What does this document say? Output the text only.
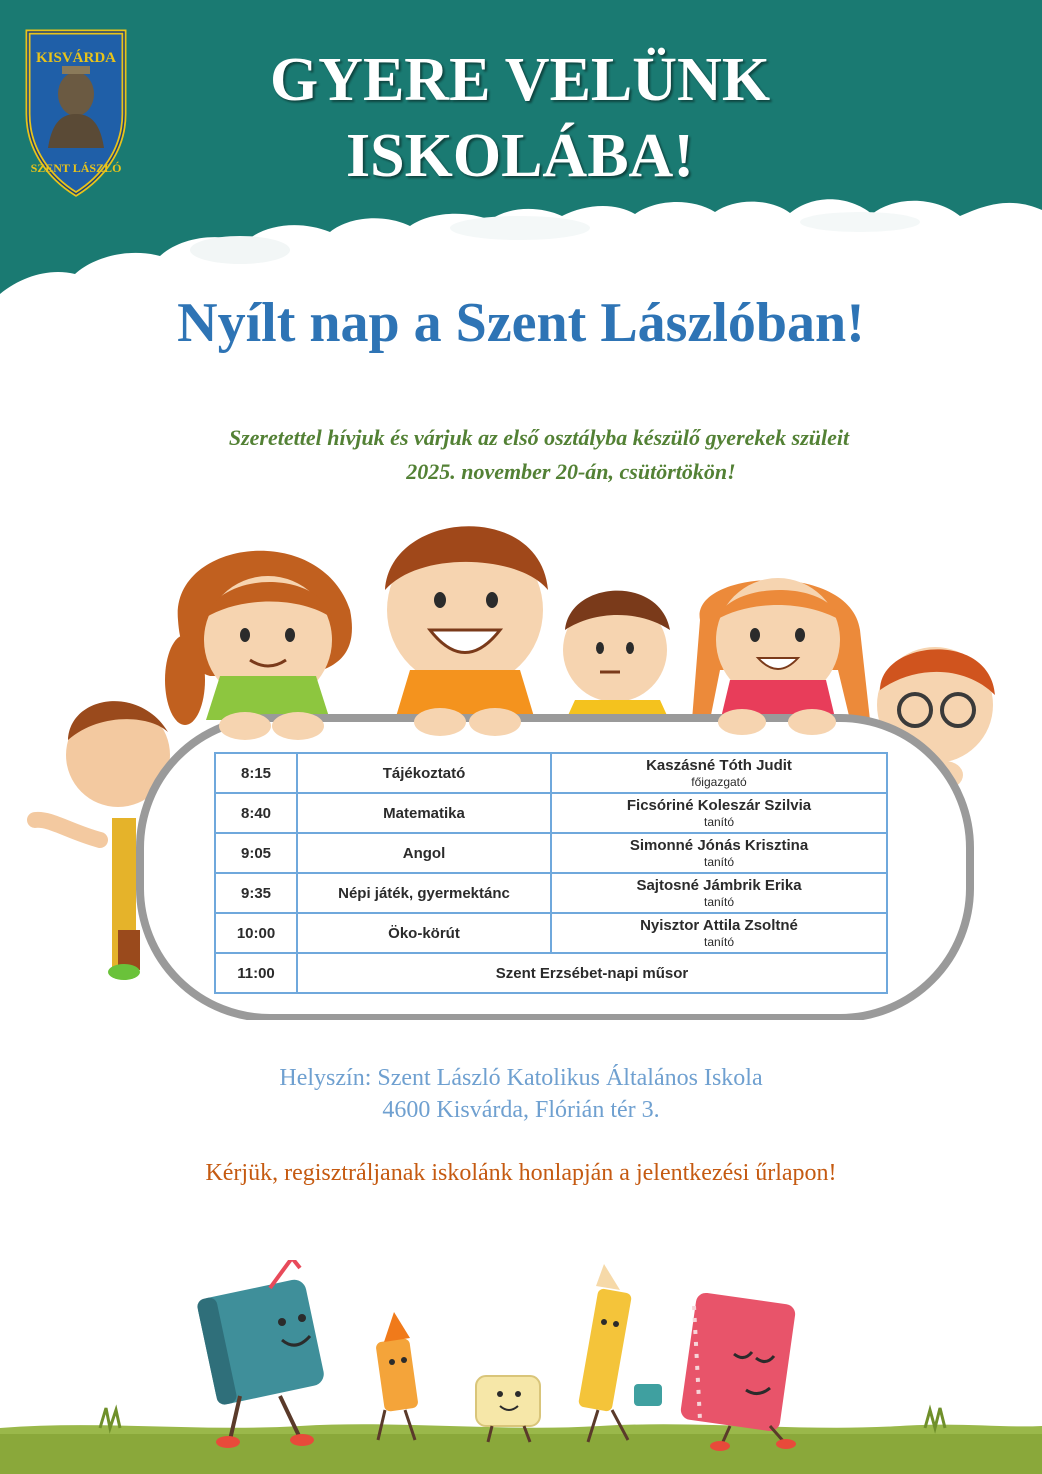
KISVÁRDA
SZENT LÁSZLÓ
GYERE VELÜNK
ISKOLÁBA!
Nyílt nap a Szent Lászlóban!
Szeretettel hívjuk és várjuk az első osztályba készülő gyerekek szüleit
2025. november 20-án, csütörtökön!
8:15	Tájékoztató	Kaszásné Tóth Judit
főigazgató

8:40	Matematika	Ficsóriné Koleszár Szilvia
tanító

9:05	Angol	Simonné Jónás Krisztina
tanító

9:35	Népi játék, gyermektánc	Sajtosné Jámbrik Erika
tanító

10:00	Öko-körút	Nyisztor Attila Zsoltné
tanító

11:00	Szent Erzsébet-napi műsor	
Helyszín: Szent László Katolikus Általános Iskola
4600 Kisvárda, Flórián tér 3.
Kérjük, regisztráljanak iskolánk honlapján a jelentkezési űrlapon!
